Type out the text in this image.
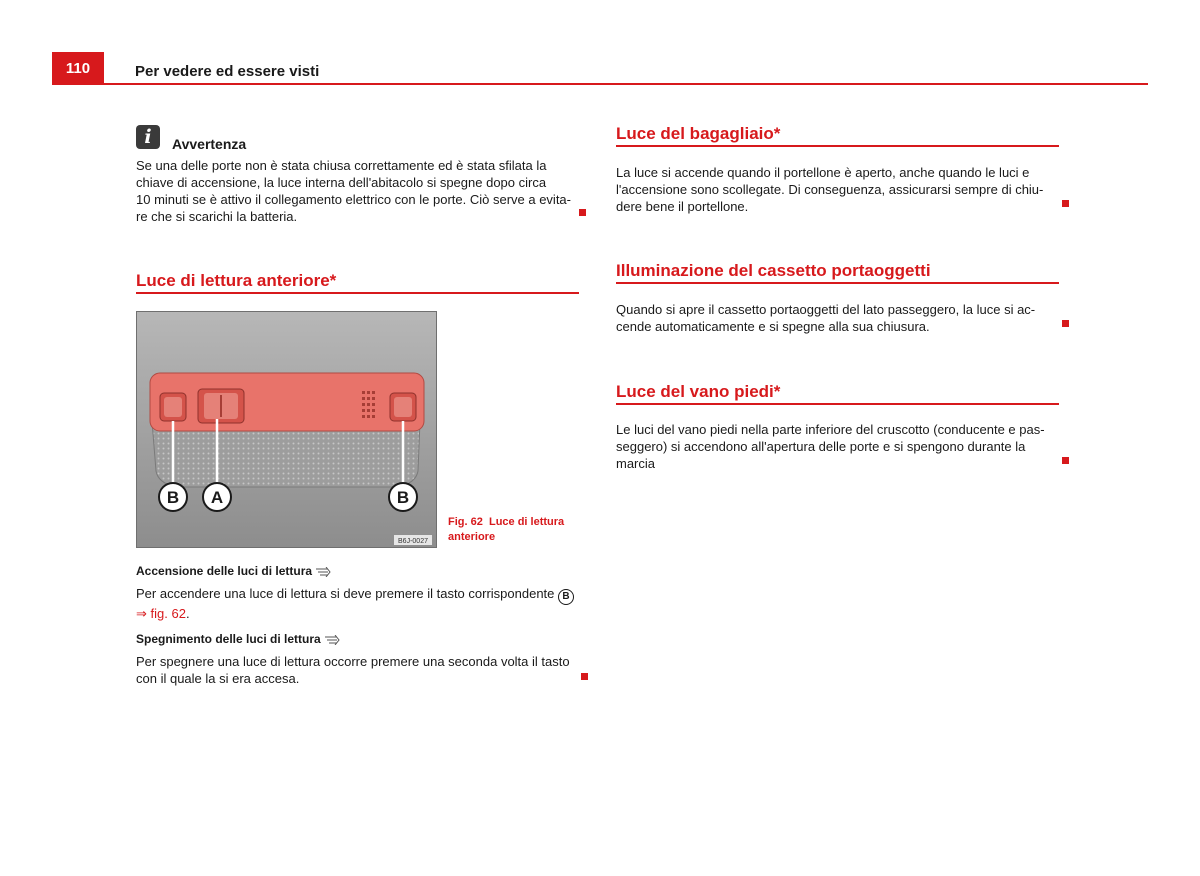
110	Per vedere ed essere visti
i	Avvertenza
Se una delle porte non è stata chiusa correttamente ed è stata sfilata la
chiave di accensione, la luce interna dell'abitacolo si spegne dopo circa
10 minuti se è attivo il collegamento elettrico con le porte. Ciò serve a evita-
re che si scarichi la batteria.
Luce di lettura anteriore*
B A	B
B6J-0027
Fig. 62 Luce di lettura
anteriore
Accensione delle luci di lettura
Per accendere una luce di lettura si deve premere il tasto corrispondente B
⇒ fig. 62.
Spegnimento delle luci di lettura
Per spegnere una luce di lettura occorre premere una seconda volta il tasto
con il quale la si era accesa.
Luce del bagagliaio*
La luce si accende quando il portellone è aperto, anche quando le luci e
l'accensione sono scollegate. Di conseguenza, assicurarsi sempre di chiu-
dere bene il portellone.
Illuminazione del cassetto portaoggetti
Quando si apre il cassetto portaoggetti del lato passeggero, la luce si ac-
cende automaticamente e si spegne alla sua chiusura.
Luce del vano piedi*
Le luci del vano piedi nella parte inferiore del cruscotto (conducente e pas-
seggero) si accendono all'apertura delle porte e si spengono durante la
marcia
